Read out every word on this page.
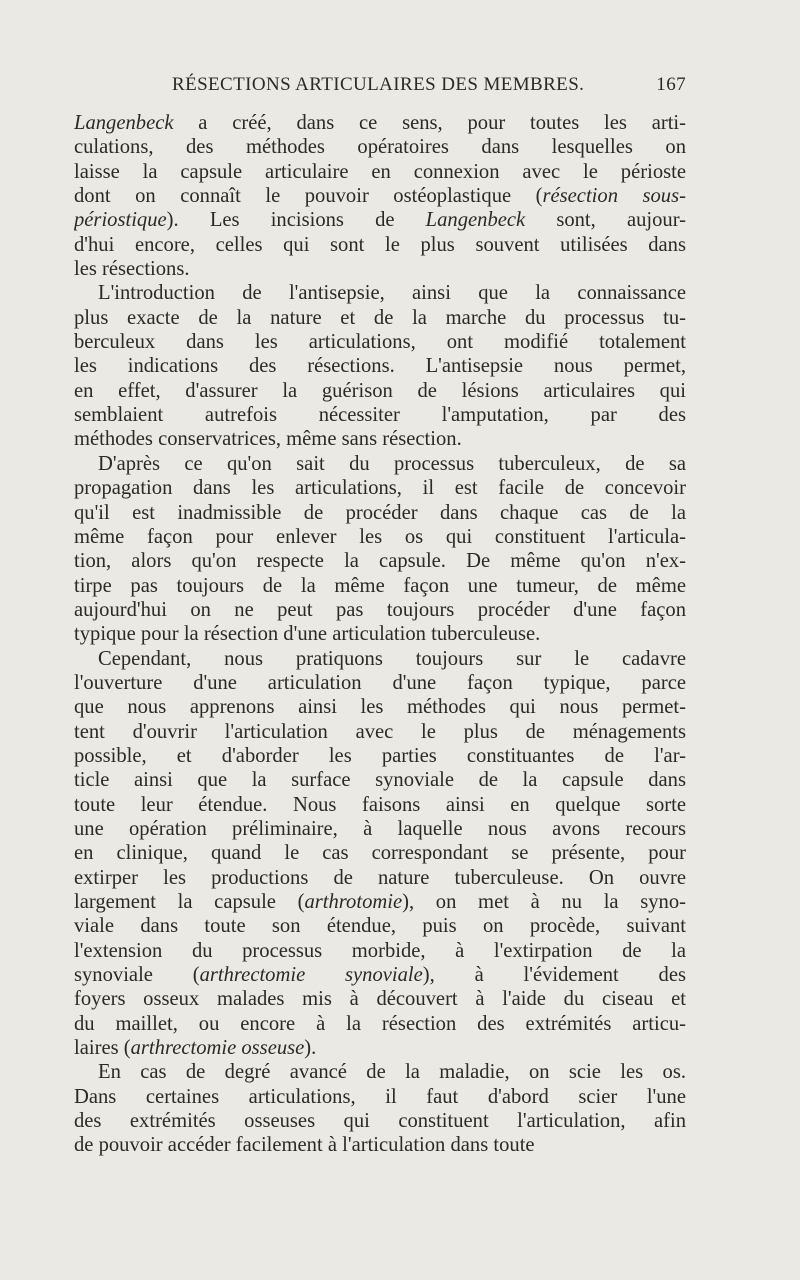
RÉSECTIONS ARTICULAIRES DES MEMBRES.	167
Langenbeck a créé, dans ce sens, pour toutes les arti-
culations, des méthodes opératoires dans lesquelles on
laisse la capsule articulaire en connexion avec le périoste
dont on connaît le pouvoir ostéoplastique (résection sous-
périostique). Les incisions de Langenbeck sont, aujour-
d'hui encore, celles qui sont le plus souvent utilisées dans
les résections.
L'introduction de l'antisepsie, ainsi que la connaissance
plus exacte de la nature et de la marche du processus tu-
berculeux dans les articulations, ont modifié totalement
les indications des résections. L'antisepsie nous permet,
en effet, d'assurer la guérison de lésions articulaires qui
semblaient autrefois nécessiter l'amputation, par des
méthodes conservatrices, même sans résection.
D'après ce qu'on sait du processus tuberculeux, de sa
propagation dans les articulations, il est facile de concevoir
qu'il est inadmissible de procéder dans chaque cas de la
même façon pour enlever les os qui constituent l'articula-
tion, alors qu'on respecte la capsule. De même qu'on n'ex-
tirpe pas toujours de la même façon une tumeur, de même
aujourd'hui on ne peut pas toujours procéder d'une façon
typique pour la résection d'une articulation tuberculeuse.
Cependant, nous pratiquons toujours sur le cadavre
l'ouverture d'une articulation d'une façon typique, parce
que nous apprenons ainsi les méthodes qui nous permet-
tent d'ouvrir l'articulation avec le plus de ménagements
possible, et d'aborder les parties constituantes de l'ar-
ticle ainsi que la surface synoviale de la capsule dans
toute leur étendue. Nous faisons ainsi en quelque sorte
une opération préliminaire, à laquelle nous avons recours
en clinique, quand le cas correspondant se présente, pour
extirper les productions de nature tuberculeuse. On ouvre
largement la capsule (arthrotomie), on met à nu la syno-
viale dans toute son étendue, puis on procède, suivant
l'extension du processus morbide, à l'extirpation de la
synoviale (arthrectomie synoviale), à l'évidement des
foyers osseux malades mis à découvert à l'aide du ciseau et
du maillet, ou encore à la résection des extrémités articu-
laires (arthrectomie osseuse).
En cas de degré avancé de la maladie, on scie les os.
Dans certaines articulations, il faut d'abord scier l'une
des extrémités osseuses qui constituent l'articulation, afin
de pouvoir accéder facilement à l'articulation dans toute
